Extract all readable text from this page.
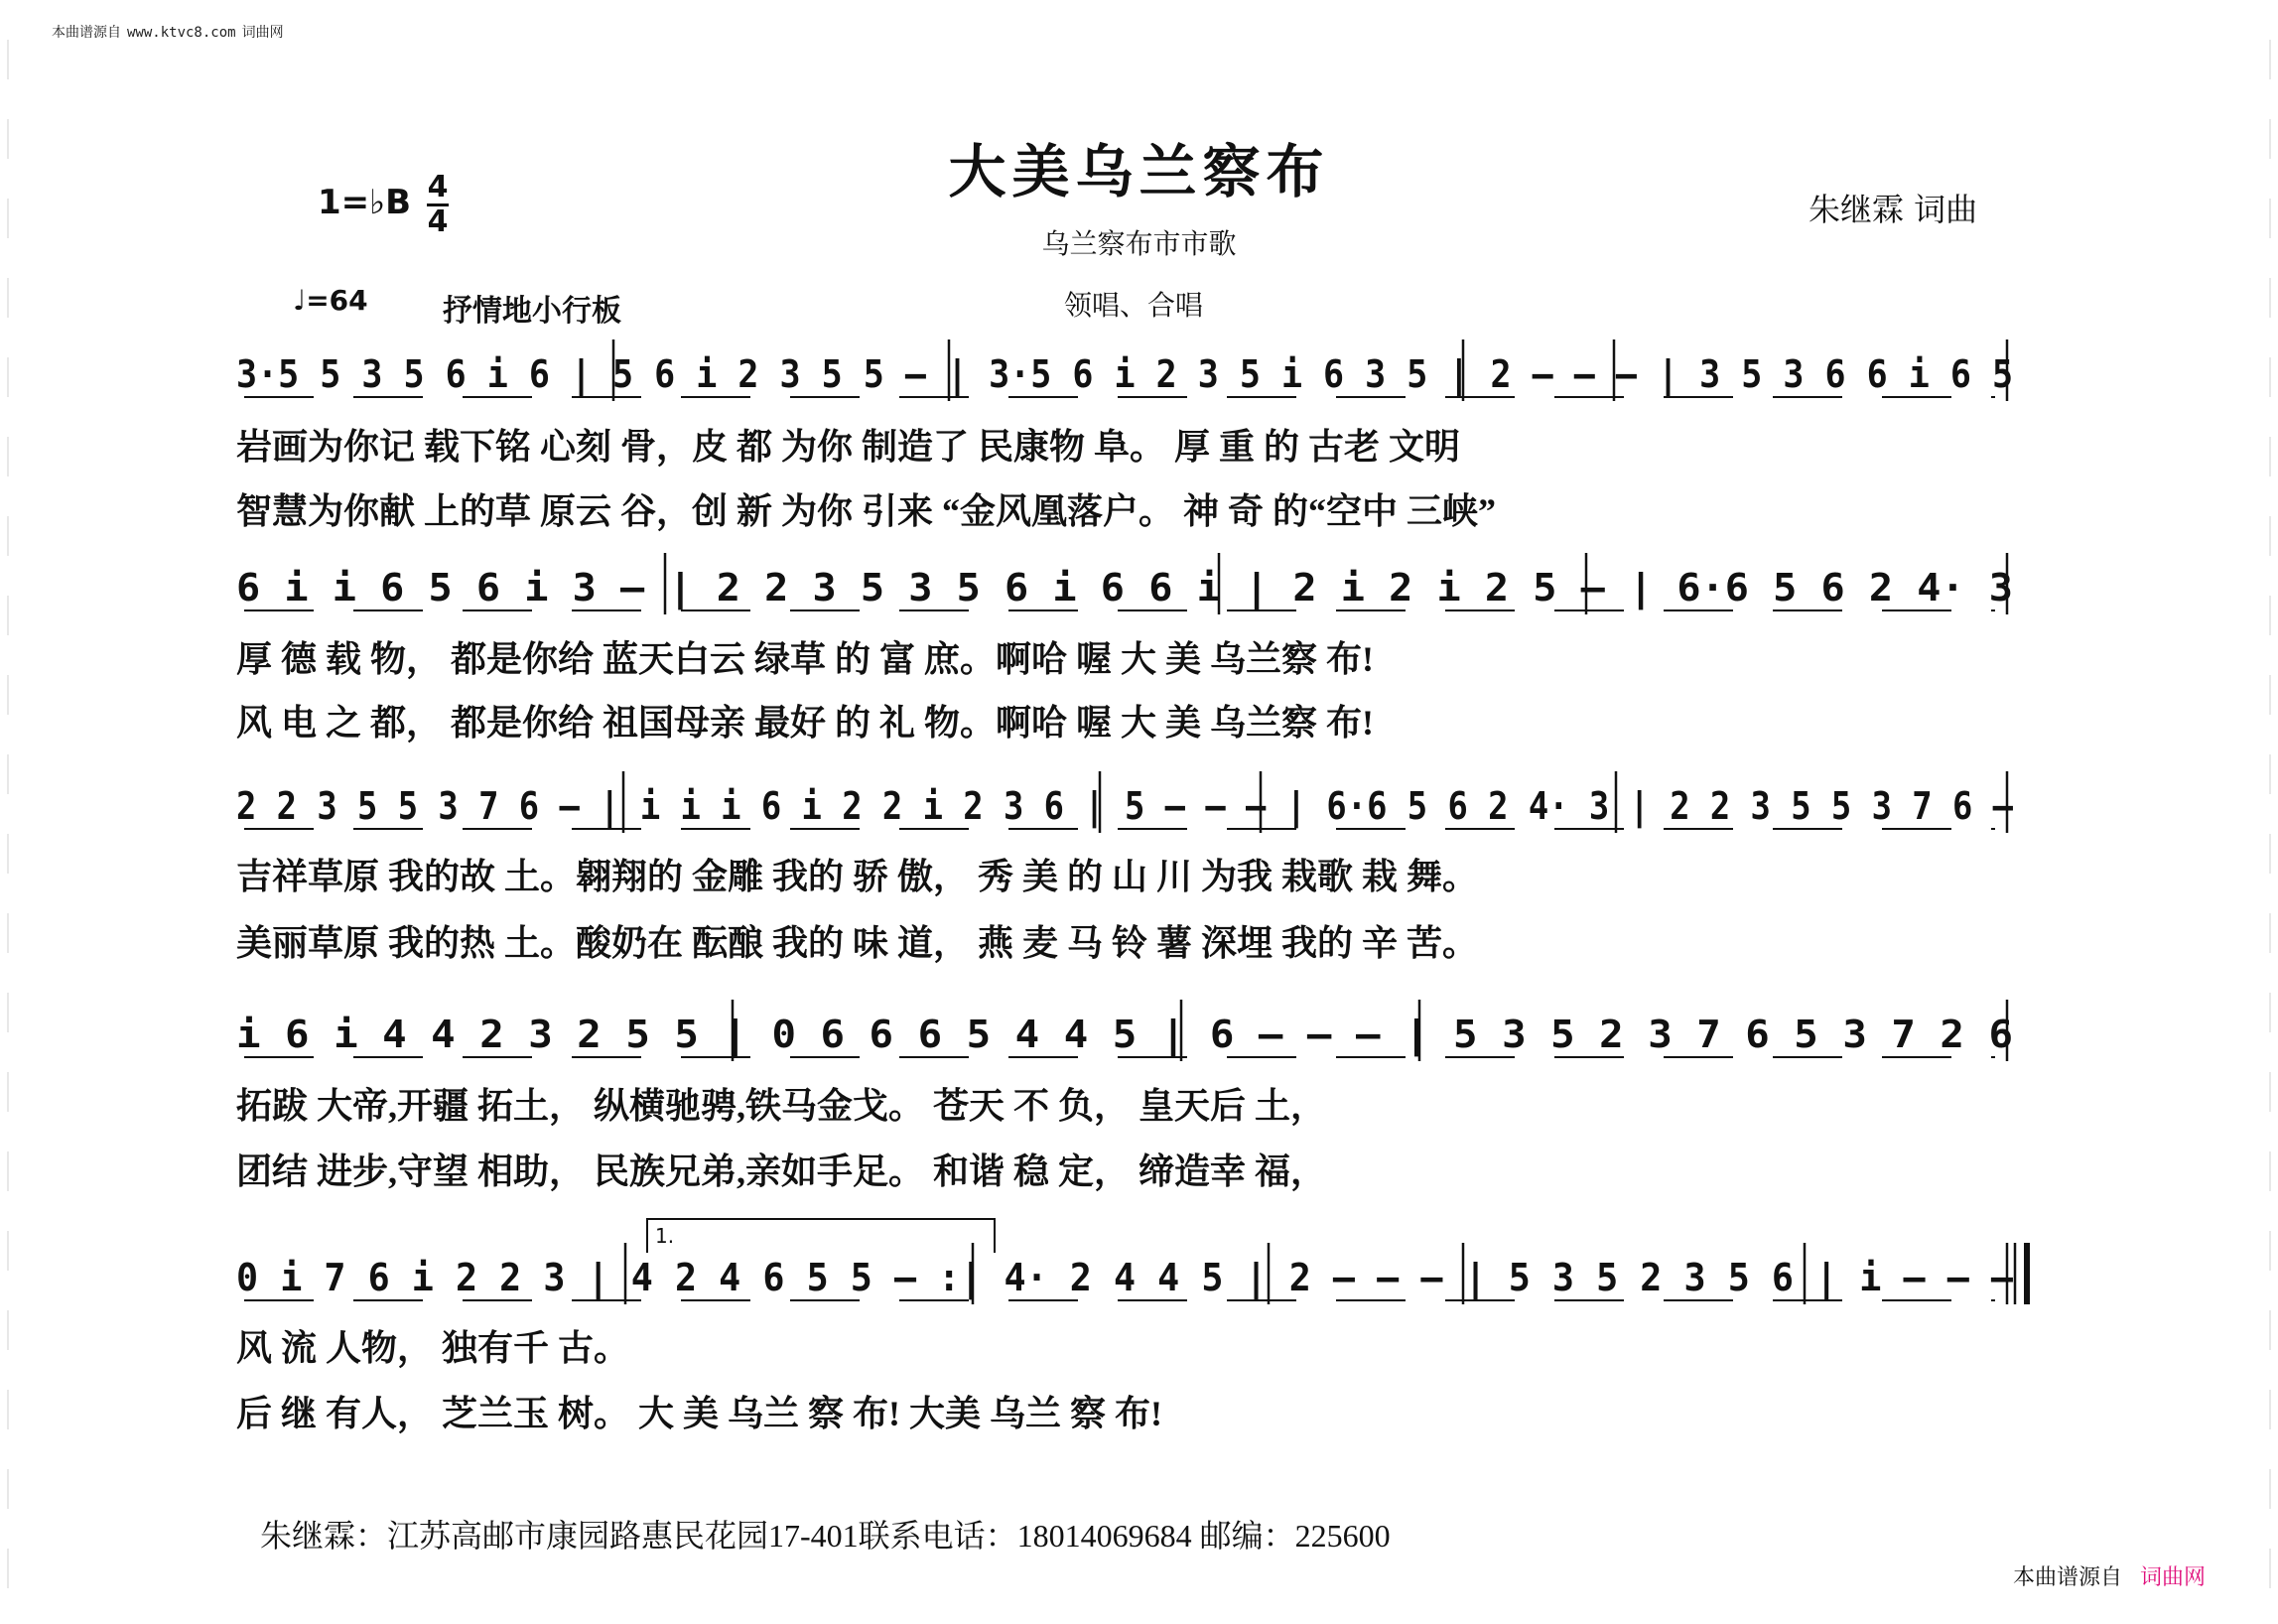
本曲谱源自 www.ktvc8.com 词曲网
大美乌兰察布
乌兰察布市市歌
朱继霖 词曲
1=♭B 4
4
♩=64	抒情地小行板	领唱、合唱
3·5 5 3 5 6 i 6 | 5 6 i 2 3 5 5 – | 3·5 6 i 2 3 5 i 6 3 5 | 2 – – – | 3 5 3 6 6 i 6 5
岩画为你记 载下铭 心刻 骨，皮 都 为你 制造了 民康物 阜。 厚 重 的 古老 文明
智慧为你献 上的草 原云 谷，创 新 为你 引来 “金风凰落户。 神 奇 的“空中 三峡”
6 i i 6 5 6 i 3 – | 2 2 3 5 3 5 6 i 6 6 i | 2 i 2 i 2 5 – | 6·6 5 6 2 4· 3
厚 德 载 物， 都是你给 蓝天白云 绿草 的 富 庶。啊哈 喔 大 美 乌兰察 布!
风 电 之 都， 都是你给 祖国母亲 最好 的 礼 物。啊哈 喔 大 美 乌兰察 布!
2 2 3 5 5 3 7 6 – | i i i 6 i 2 2 i 2 3 6 | 5 – – – | 6·6 5 6 2 4· 3 | 2 2 3 5 5 3 7 6 –
吉祥草原 我的故 土。翱翔的 金雕 我的 骄 傲， 秀 美 的 山 川 为我 栽歌 栽 舞。
美丽草原 我的热 土。酸奶在 酝酿 我的 味 道， 燕 麦 马 铃 薯 深埋 我的 辛 苦。
i 6 i 4 4 2 3 2 5 5 | 0 6 6 6 5 4 4 5 | 6 – – – | 5 3 5 2 3 7 6 5 3 7 2 6
拓跋 大帝,开疆 拓土， 纵横驰骋,铁马金戈。 苍天 不 负， 皇天后 土，
团结 进步,守望 相助， 民族兄弟,亲如手足。 和谐 稳 定， 缔造幸 福，
0 i 7 6 i 2 2 3 | 4 2 4 6 5 5 – :| 4· 2 4 4 5 | 2 – – – | 5 3 5 2 3 5 6 | i – – –
风 流 人物， 独有千 古。
后 继 有人， 芝兰玉 树。 大 美 乌兰 察 布! 大美 乌兰 察 布!
1.
朱继霖：江苏高邮市康园路惠民花园17-401联系电话：18014069684 邮编：225600
本曲谱源自 词曲网
